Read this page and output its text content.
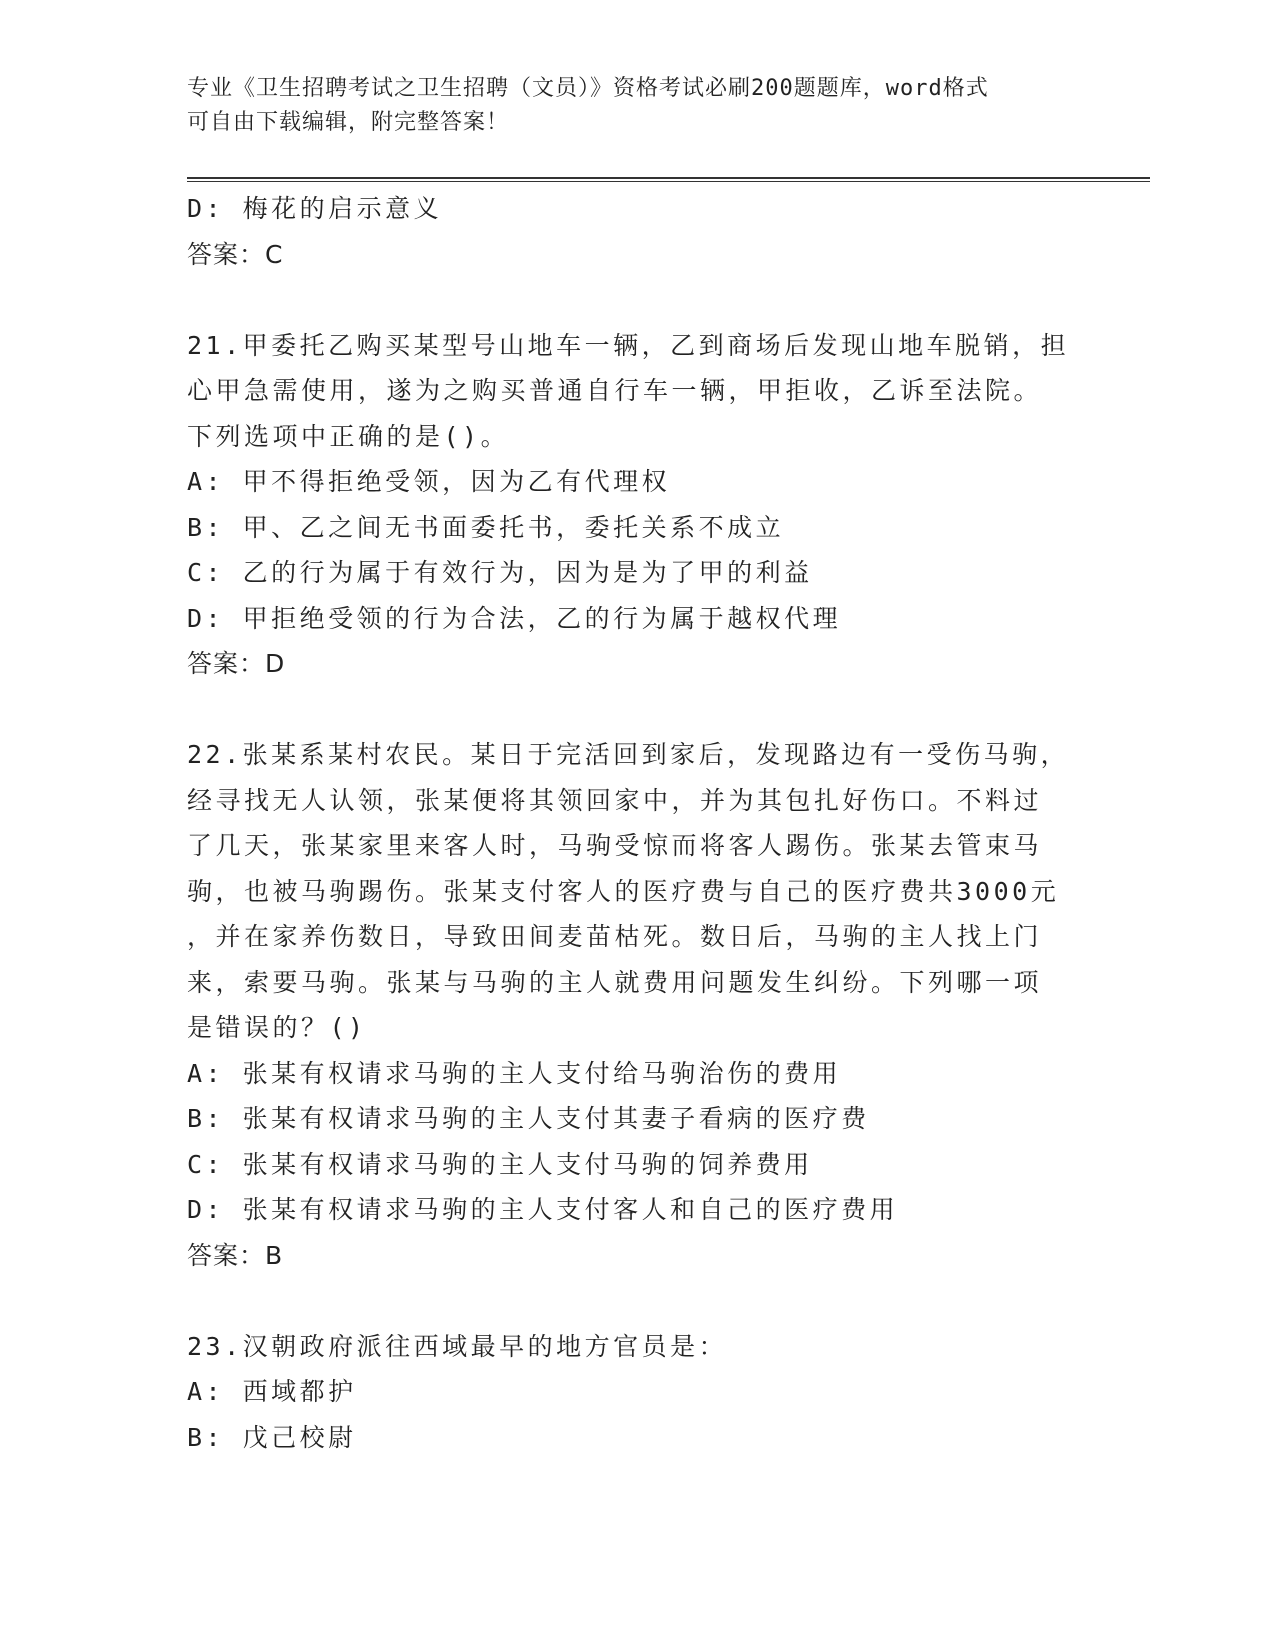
专业《卫生招聘考试之卫生招聘（文员）》资格考试必刷200题题库，word格式
可自由下载编辑，附完整答案！
D: 梅花的启示意义
答案：C
21.甲委托乙购买某型号山地车一辆，乙到商场后发现山地车脱销，担
心甲急需使用，遂为之购买普通自行车一辆，甲拒收，乙诉至法院。
下列选项中正确的是()。
A: 甲不得拒绝受领，因为乙有代理权
B: 甲、乙之间无书面委托书，委托关系不成立
C: 乙的行为属于有效行为，因为是为了甲的利益
D: 甲拒绝受领的行为合法，乙的行为属于越权代理
答案：D
22.张某系某村农民。某日于完活回到家后，发现路边有一受伤马驹，
经寻找无人认领，张某便将其领回家中，并为其包扎好伤口。不料过
了几天，张某家里来客人时，马驹受惊而将客人踢伤。张某去管束马
驹，也被马驹踢伤。张某支付客人的医疗费与自己的医疗费共3000元
，并在家养伤数日，导致田间麦苗枯死。数日后，马驹的主人找上门
来，索要马驹。张某与马驹的主人就费用问题发生纠纷。下列哪一项
是错误的？()
A: 张某有权请求马驹的主人支付给马驹治伤的费用
B: 张某有权请求马驹的主人支付其妻子看病的医疗费
C: 张某有权请求马驹的主人支付马驹的饲养费用
D: 张某有权请求马驹的主人支付客人和自己的医疗费用
答案：B
23.汉朝政府派往西域最早的地方官员是：
A: 西域都护
B: 戊己校尉
